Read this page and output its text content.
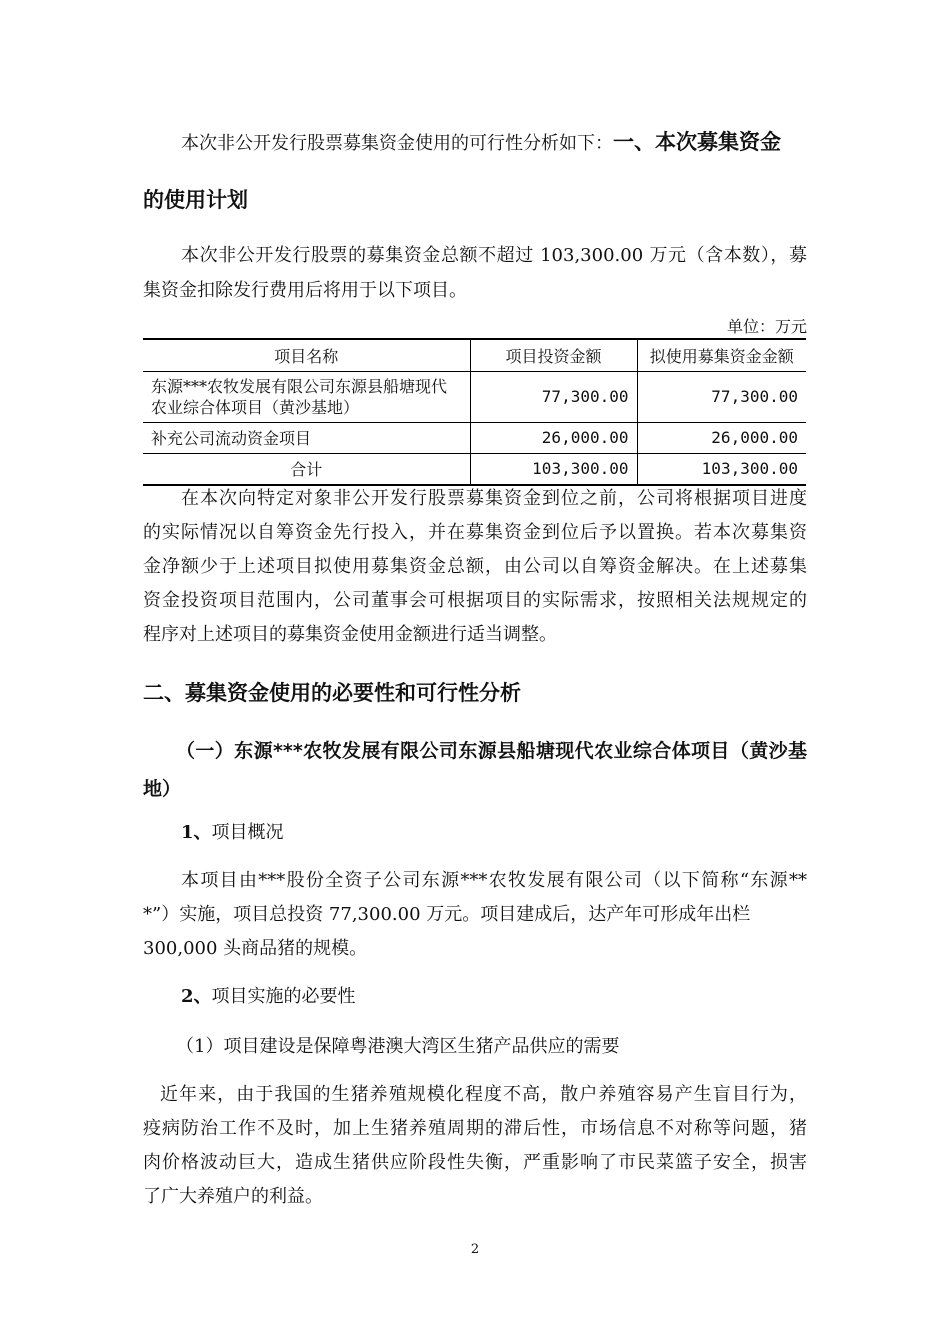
本次非公开发行股票募集资金使用的可行性分析如下：一、本次募集资金
的使用计划
本次非公开发行股票的募集资金总额不超过 103,300.00 万元（含本数），募
集资金扣除发行费用后将用于以下项目。
单位：万元
项目名称	项目投资金额	拟使用募集资金金额

东源***农牧发展有限公司东源县船塘现代
农业综合体项目（黄沙基地）	77,300.00	77,300.00
补充公司流动资金项目	26,000.00	26,000.00
合计	103,300.00	103,300.00
在本次向特定对象非公开发行股票募集资金到位之前，公司将根据项目进度
的实际情况以自筹资金先行投入，并在募集资金到位后予以置换。若本次募集资
金净额少于上述项目拟使用募集资金总额，由公司以自筹资金解决。在上述募集
资金投资项目范围内，公司董事会可根据项目的实际需求，按照相关法规规定的
程序对上述项目的募集资金使用金额进行适当调整。
二、募集资金使用的必要性和可行性分析
（一）东源***农牧发展有限公司东源县船塘现代农业综合体项目（黄沙基
地）
1、项目概况
本项目由***股份全资子公司东源***农牧发展有限公司（以下简称“东源**
*”）实施，项目总投资 77,300.00 万元。项目建成后，达产年可形成年出栏
300,000 头商品猪的规模。
2、项目实施的必要性
（1）项目建设是保障粤港澳大湾区生猪产品供应的需要
近年来，由于我国的生猪养殖规模化程度不高，散户养殖容易产生盲目行为，
疫病防治工作不及时，加上生猪养殖周期的滞后性，市场信息不对称等问题，猪
肉价格波动巨大，造成生猪供应阶段性失衡，严重影响了市民菜篮子安全，损害
了广大养殖户的利益。
2
